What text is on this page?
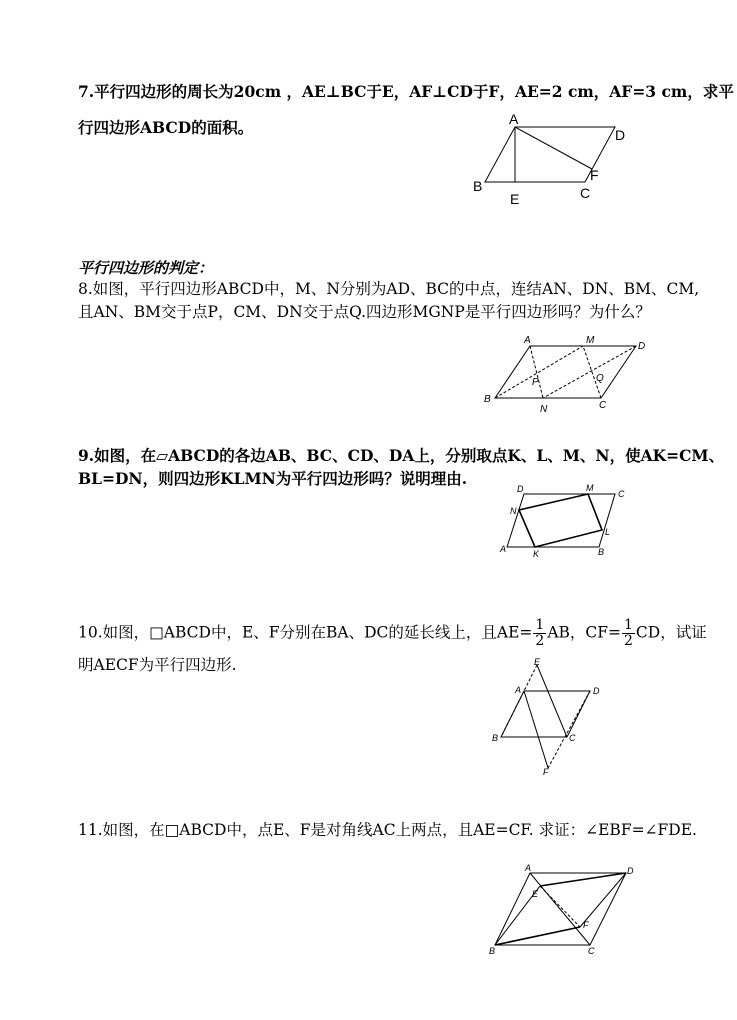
7.平行四边形的周长为20cm ，AE⊥BC于E，AF⊥CD于F，AE=2 cm，AF=3 cm，求平
行四边形ABCD的面积。	A
D
B
E	C
F
平行四边形的判定：
8.如图，平行四边形ABCD中，M、N分别为AD、BC的中点，连结AN、DN、BM、CM,
且AN、BM交于点P，CM、DN交于点Q.四边形MGNP是平行四边形吗？为什么？
A	M
D
P	Q
B
N	C
9.如图，在▱ABCD的各边AB、BC、CD、DA上，分别取点K、L、M、N，使AK=CM、
BL=DN，则四边形KLMN为平行四边形吗？说明理由.
D	M
C
N
L
A	K	B
10.如图，□ABCD中，E、F分别在BA、DC的延长线上，且$AE= \frac{1}{2}$ AB，$CF= \frac{1}{2}$ CD，试证
明AECF为平行四边形.	E
A	D
B	C
F
11.如图，在□ABCD中，点E、F是对角线AC上两点，且AE=CF. 求证：∠EBF=∠FDE.
A	D
E
F
B	C
